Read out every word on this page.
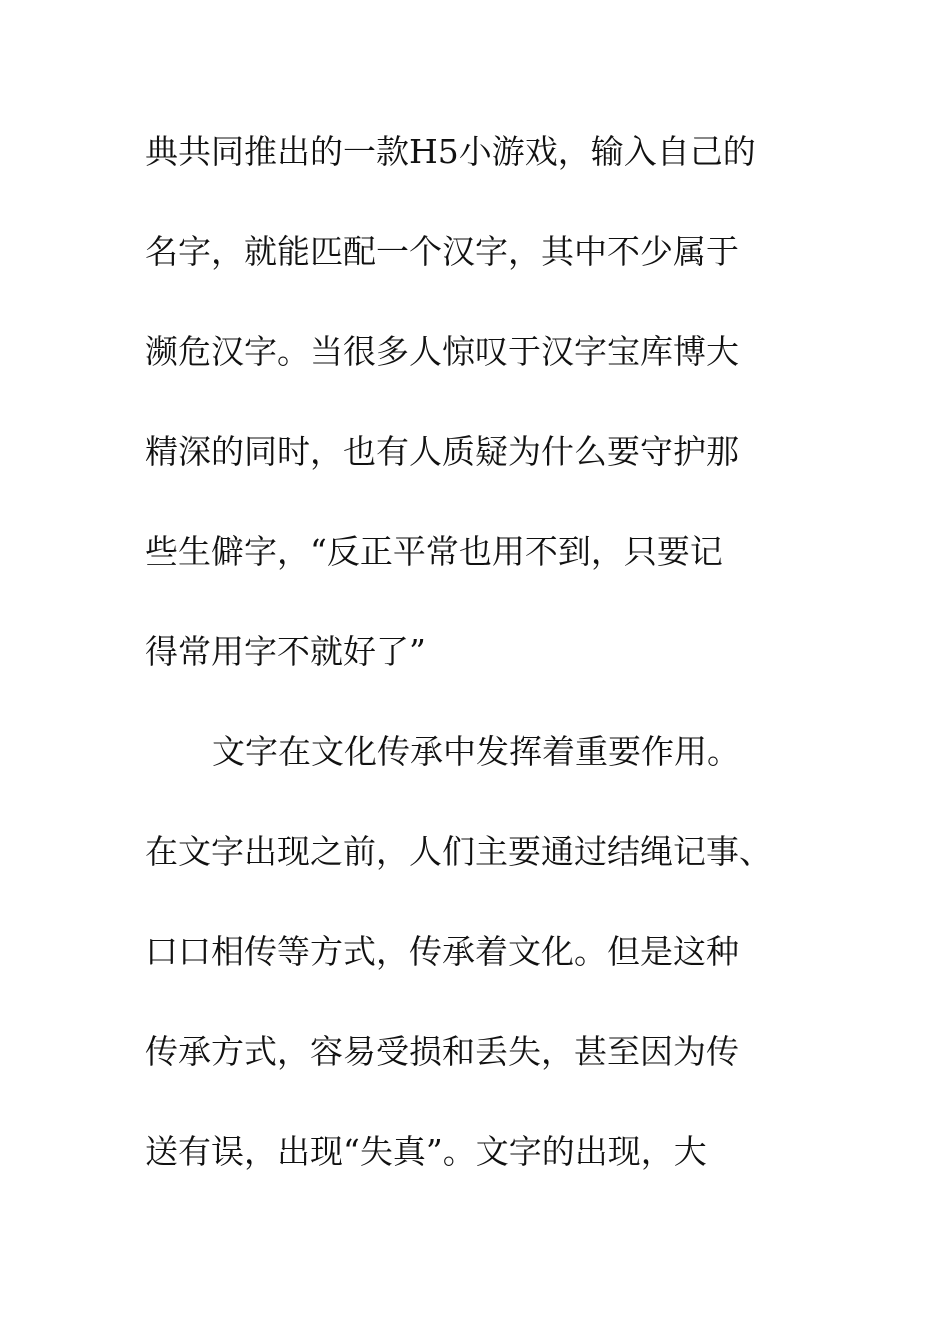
典共同推出的一款H5小游戏，输入自己的
名字，就能匹配一个汉字，其中不少属于
濒危汉字。当很多人惊叹于汉字宝库博大
精深的同时，也有人质疑为什么要守护那
些生僻字，“反正平常也用不到，只要记
得常用字不就好了”
文字在文化传承中发挥着重要作用。
在文字出现之前，人们主要通过结绳记事、
口口相传等方式，传承着文化。但是这种
传承方式，容易受损和丢失，甚至因为传
送有误，出现“失真”。文字的出现，大
